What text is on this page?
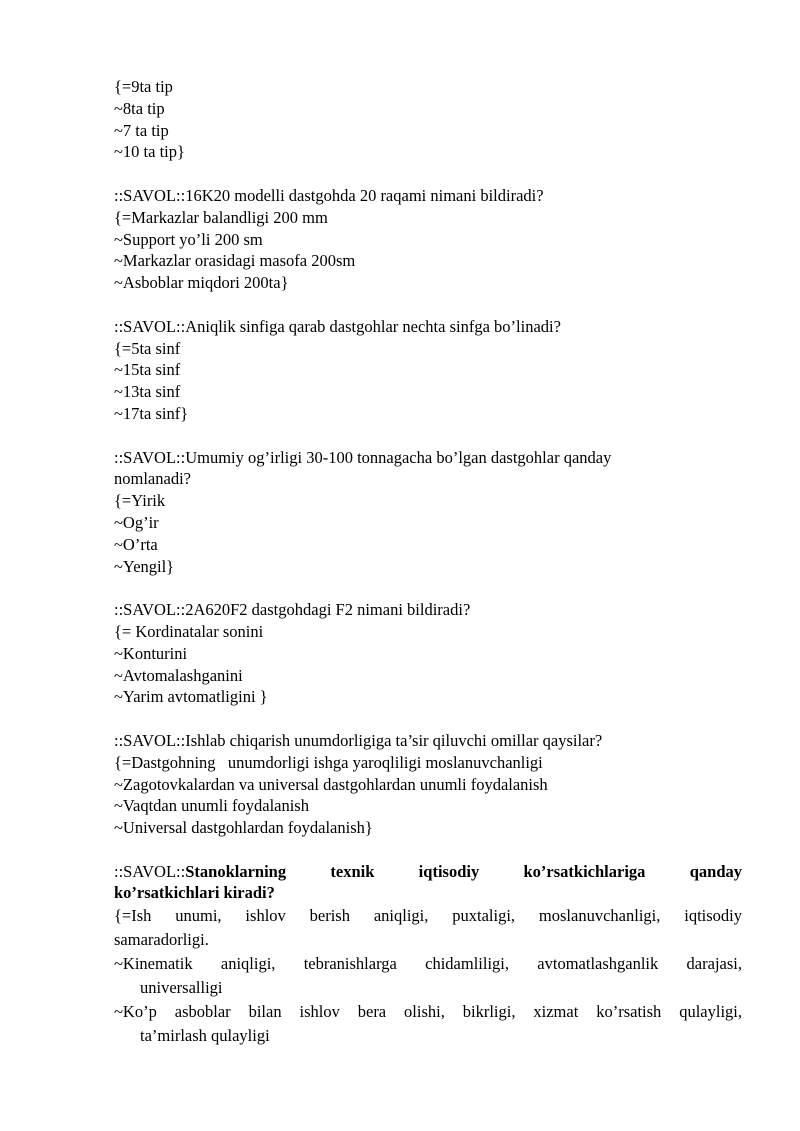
{=9ta tip
~8ta tip
~7 ta tip
~10 ta tip}
::SAVOL::16K20 modelli dastgohda 20 raqami nimani bildiradi?
{=Markazlar balandligi 200 mm
~Support yo’li 200 sm
~Markazlar orasidagi masofa 200sm
~Asboblar miqdori 200ta}
::SAVOL::Aniqlik sinfiga qarab dastgohlar nechta sinfga bo’linadi?
{=5ta sinf
~15ta sinf
~13ta sinf
~17ta sinf}
::SAVOL::Umumiy og’irligi 30-100 tonnagacha bo’lgan dastgohlar qanday
nomlanadi?
{=Yirik
~Og’ir
~O’rta
~Yengil}
::SAVOL::2A620F2 dastgohdagi F2 nimani bildiradi?
{= Kordinatalar sonini
~Konturini
~Avtomalashganini
~Yarim avtomatligini }
::SAVOL::Ishlab chiqarish unumdorligiga ta’sir qiluvchi omillar qaysilar?
{=Dastgohning   unumdorligi ishga yaroqliligi moslanuvchanligi
~Zagotovkalardan va universal dastgohlardan unumli foydalanish
~Vaqtdan unumli foydalanish
~Universal dastgohlardan foydalanish}
::SAVOL::Stanoklarning texnik iqtisodiy ko’rsatkichlariga qanday
ko’rsatkichlari kiradi?
{=Ish unumi, ishlov berish aniqligi, puxtaligi, moslanuvchanligi, iqtisodiy
samaradorligi.
~Kinematik aniqligi, tebranishlarga chidamliligi, avtomatlashganlik darajasi,
universalligi
~Ko’p asboblar bilan ishlov bera olishi, bikrligi, xizmat ko’rsatish qulayligi,
ta’mirlash qulayligi
